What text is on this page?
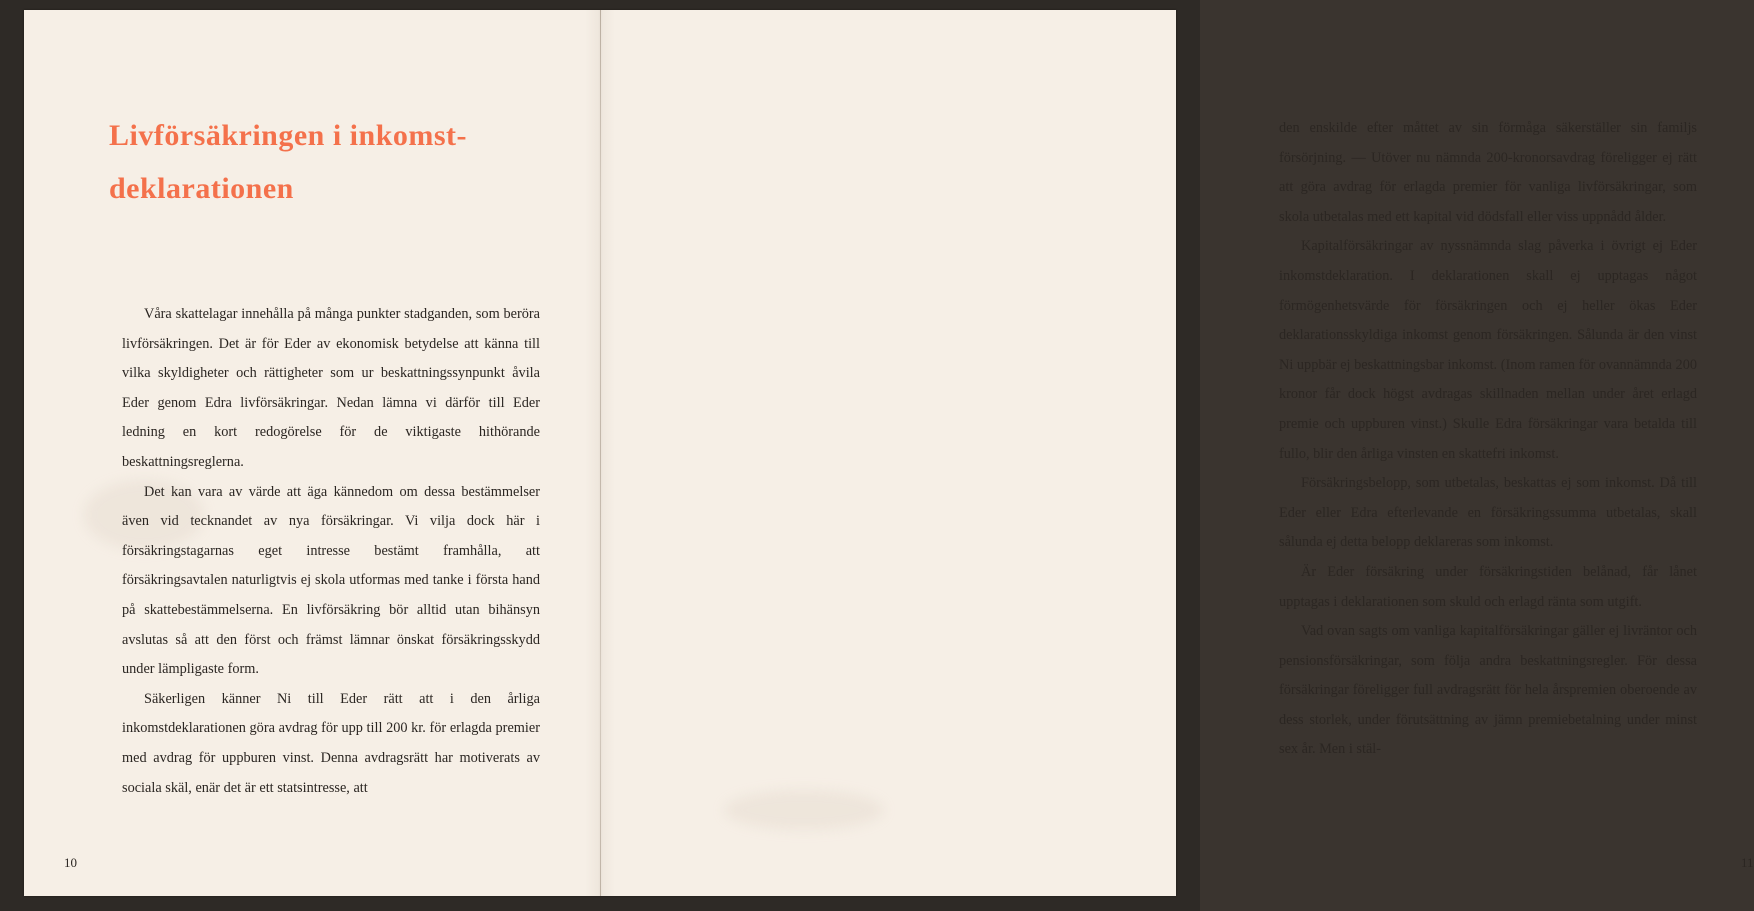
Livförsäkringen i inkomst-
deklarationen

Våra skattelagar innehålla på många punkter stadganden, som beröra livförsäkringen. Det är för Eder av ekonomisk betydelse att känna till vilka skyldigheter och rättigheter som ur beskattningssynpunkt åvila Eder genom Edra livförsäkringar. Nedan lämna vi därför till Eder ledning en kort redogörelse för de viktigaste hithörande beskattningsreglerna.

Det kan vara av värde att äga kännedom om dessa bestämmelser även vid tecknandet av nya försäkringar. Vi vilja dock här i försäkringstagarnas eget intresse bestämt framhålla, att försäkringsavtalen naturligtvis ej skola utformas med tanke i första hand på skattebestämmelserna. En livförsäkring bör alltid utan bihänsyn avslutas så att den först och främst lämnar önskat försäkringsskydd under lämpligaste form.

Säkerligen känner Ni till Eder rätt att i den årliga inkomstdeklarationen göra avdrag för upp till 200 kr. för erlagda premier med avdrag för uppburen vinst. Denna avdragsrätt har motiverats av sociala skäl, enär det är ett statsintresse, att

10

den enskilde efter måttet av sin förmåga säkerställer sin familjs försörjning. — Utöver nu nämnda 200-kronorsavdrag föreligger ej rätt att göra avdrag för erlagda premier för vanliga livförsäkringar, som skola utbetalas med ett kapital vid dödsfall eller viss uppnådd ålder.

Kapitalförsäkringar av nyssnämnda slag påverka i övrigt ej Eder inkomstdeklaration. I deklarationen skall ej upptagas något förmögenhetsvärde för försäkringen och ej heller ökas Eder deklarationsskyldiga inkomst genom försäkringen. Sålunda är den vinst Ni uppbär ej beskattningsbar inkomst. (Inom ramen för ovannämnda 200 kronor får dock högst avdragas skillnaden mellan under året erlagd premie och uppburen vinst.) Skulle Edra försäkringar vara betalda till fullo, blir den årliga vinsten en skattefri inkomst.

Försäkringsbelopp, som utbetalas, beskattas ej som inkomst. Då till Eder eller Edra efterlevande en försäkringssumma utbetalas, skall sålunda ej detta belopp deklareras som inkomst.

Är Eder försäkring under försäkringstiden belånad, får lånet upptagas i deklarationen som skuld och erlagd ränta som utgift.

Vad ovan sagts om vanliga kapitalförsäkringar gäller ej livräntor och pensionsförsäkringar, som följa andra beskattningsregler. För dessa försäkringar föreligger full avdragsrätt för hela årspremien oberoende av dess storlek, under förutsättning av jämn premiebetalning under minst sex år. Men i stäl-

11
